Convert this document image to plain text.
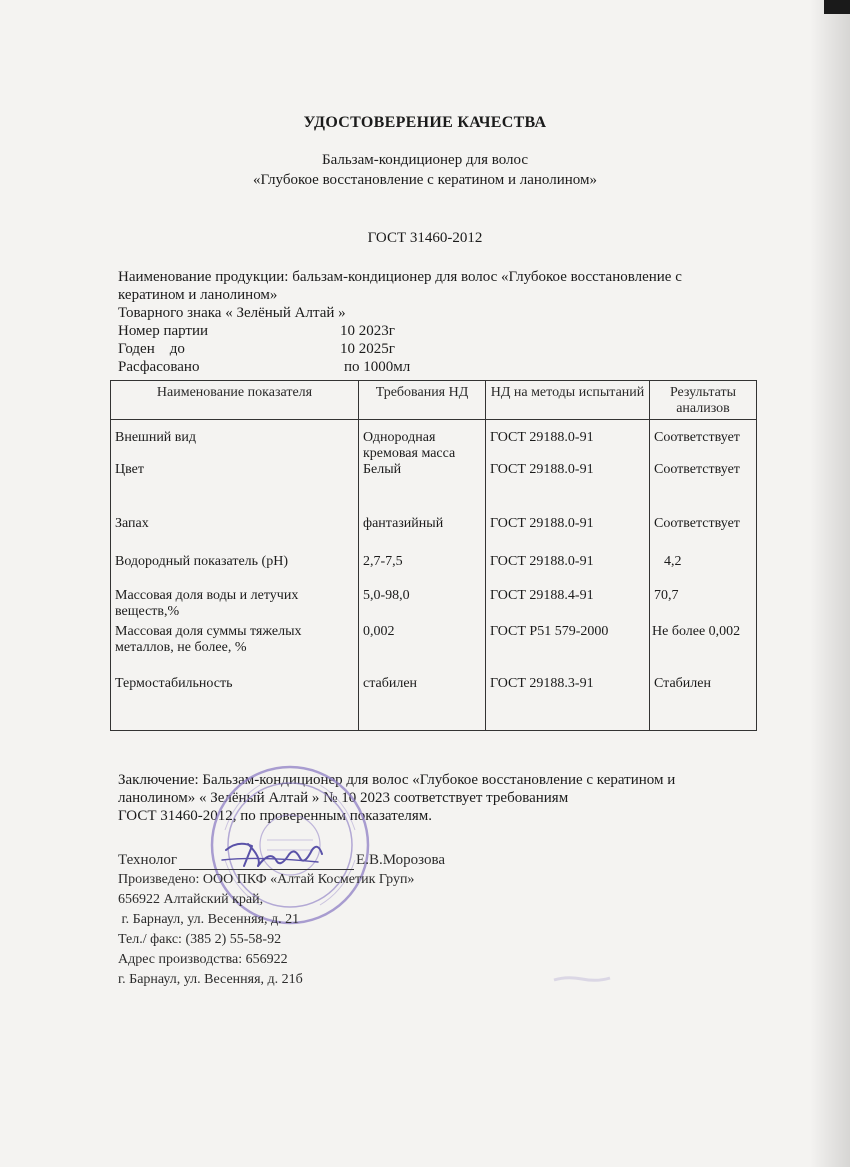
УДОСТОВЕРЕНИЕ КАЧЕСТВА
Бальзам-кондиционер для волос
«Глубокое восстановление с кератином и ланолином»
ГОСТ 31460-2012

Наименование продукции: бальзам-кондиционер для волос «Глубокое восстановление с

кератином и ланолином»

Товарного знака « Зелёный Алтай »

Номер партии	10 2023г
Годен    до	10 2025г
Расфасовано	по 1000мл
Наименование показателя	Требования НД	НД на методы испытаний	Результаты анализов
Внешний вид	Однородная кремовая масса	ГОСТ 29188.0-91	Соответствует
Цвет	Белый	ГОСТ 29188.0-91	Соответствует
Запах	фантазийный	ГОСТ 29188.0-91	Соответствует
Водородный показатель (pH)	2,7-7,5	ГОСТ 29188.0-91	4,2
Массовая доля воды и летучих веществ,%	5,0-98,0	ГОСТ 29188.4-91	70,7
Массовая доля суммы тяжелых металлов, не более, %	0,002	ГОСТ Р51 579-2000	Не более 0,002
Термостабильность	стабилен	ГОСТ 29188.3-91	Стабилен

Заключение: Бальзам-кондиционер для волос «Глубокое восстановление с кератином и

ланолином» « Зелёный Алтай » № 10 2023 соответствует требованиям

ГОСТ 31460-2012, по проверенным показателям.

Технолог	Е.В.Морозова

Произведено: ООО ПКФ «Алтай Косметик Груп»

656922 Алтайский край,

г. Барнаул, ул. Весенняя, д. 21

Тел./ факс: (385 2) 55-58-92

Адрес производства: 656922

г. Барнаул, ул. Весенняя, д. 21б
